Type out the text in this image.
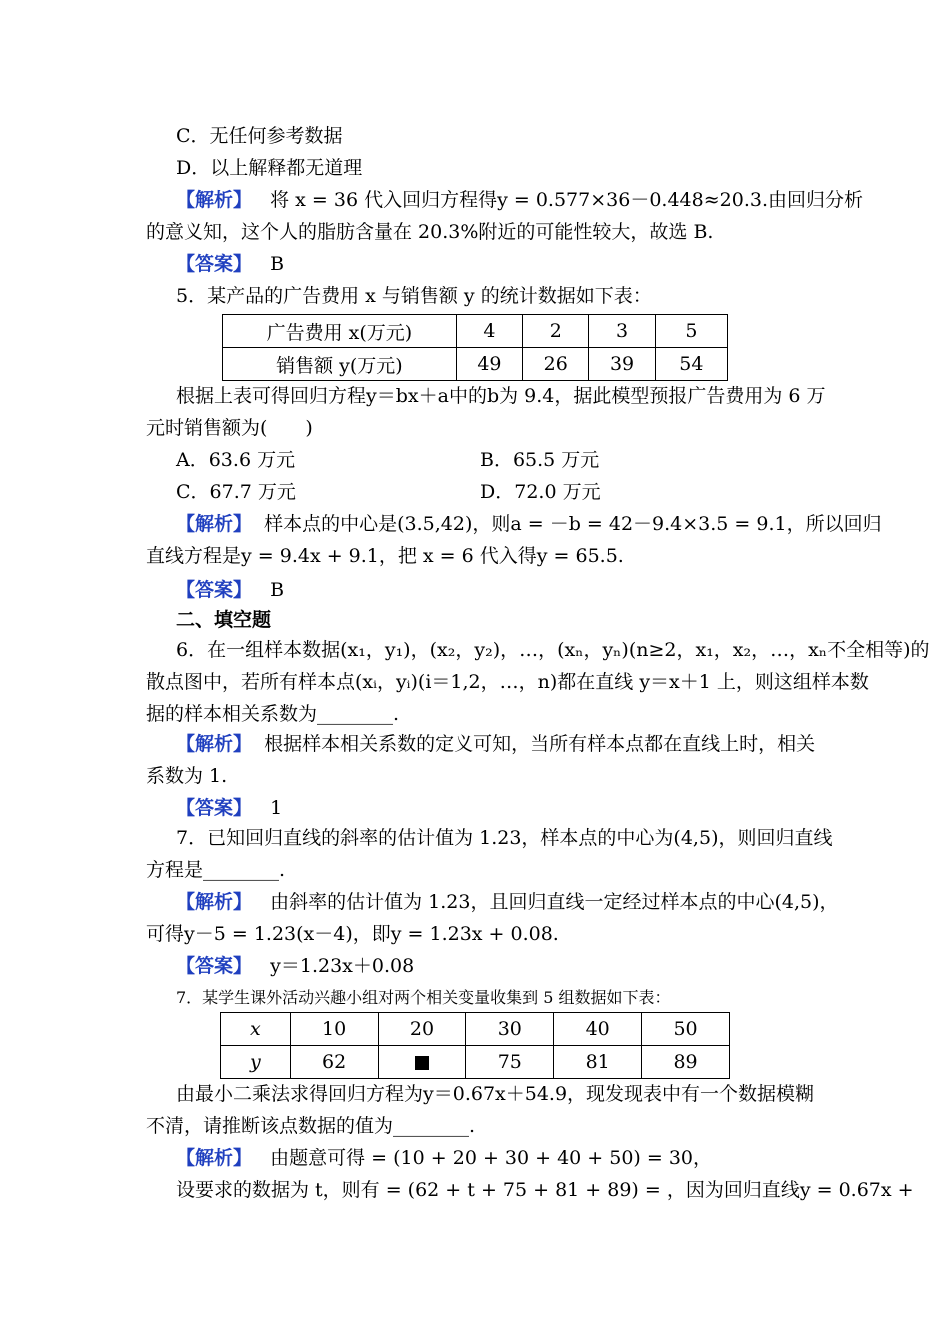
C．无任何参考数据
D．以上解释都无道理
【解析】 将 x = 36 代入回归方程得y = 0.577×36－0.448≈20.3.由回归分析
的意义知，这个人的脂肪含量在 20.3%附近的可能性较大，故选 B.
【答案】 B
5．某产品的广告费用 x 与销售额 y 的统计数据如下表：
广告费用 x(万元)	4	2	3	5
销售额 y(万元)	49	26	39	54
根据上表可得回归方程y＝bx＋a中的b为 9.4，据此模型预报广告费用为 6 万
元时销售额为(　　)
A．63.6 万元	B．65.5 万元
C．67.7 万元	D．72.0 万元
【解析】 样本点的中心是(3.5,42)，则a = －b = 42－9.4×3.5 = 9.1，所以回归
直线方程是y = 9.4x + 9.1，把 x = 6 代入得y = 65.5.
【答案】 B
二、填空题
6．在一组样本数据(x₁，y₁)，(x₂，y₂)，…，(xₙ，yₙ)(n≥2，x₁，x₂，…，xₙ不全相等)的
散点图中，若所有样本点(xᵢ，yᵢ)(i＝1,2，…，n)都在直线 y＝x＋1 上，则这组样本数
据的样本相关系数为________.
【解析】 根据样本相关系数的定义可知，当所有样本点都在直线上时，相关
系数为 1.
【答案】 1
7．已知回归直线的斜率的估计值为 1.23，样本点的中心为(4,5)，则回归直线
方程是________.
【解析】 由斜率的估计值为 1.23，且回归直线一定经过样本点的中心(4,5)，
可得y－5 = 1.23(x－4)，即y = 1.23x + 0.08.
【答案】 y＝1.23x＋0.08
7．某学生课外活动兴趣小组对两个相关变量收集到 5 组数据如下表：
x	10	20	30	40	50
y	62		75	81	89
由最小二乘法求得回归方程为y＝0.67x＋54.9，现发现表中有一个数据模糊
不清，请推断该点数据的值为________.
【解析】 由题意可得 = (10 + 20 + 30 + 40 + 50) = 30，
设要求的数据为 t，则有 = (62 + t + 75 + 81 + 89) = ，因为回归直线y = 0.67x +
